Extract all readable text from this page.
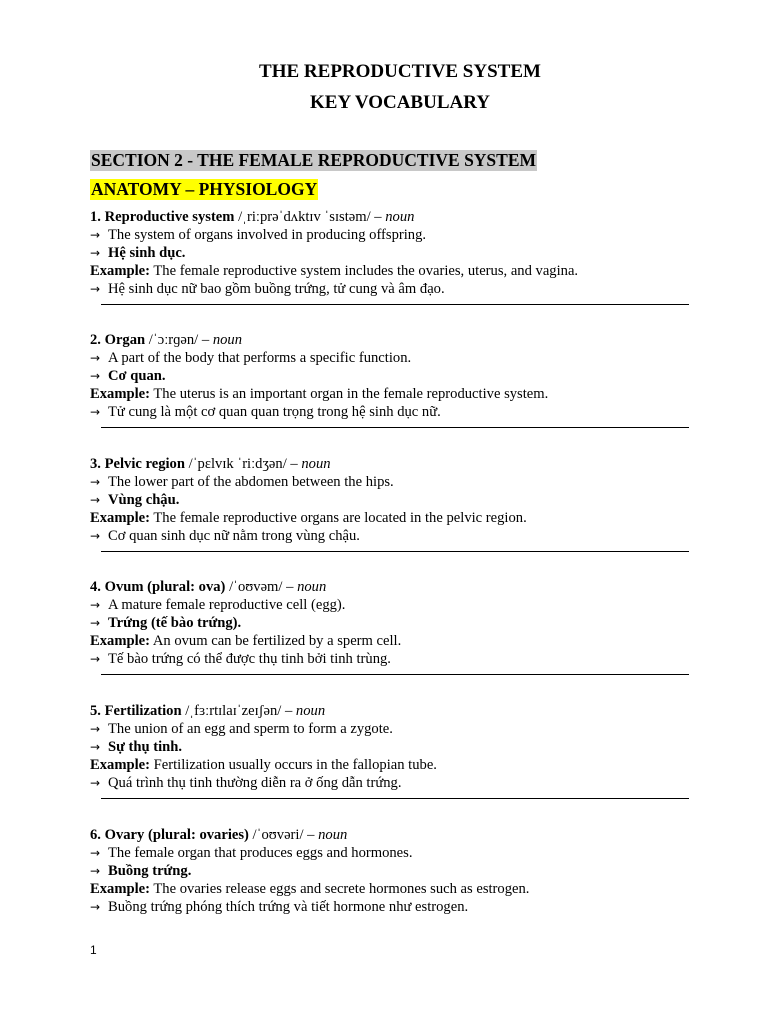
THE REPRODUCTIVE SYSTEM
KEY VOCABULARY
SECTION 2 - THE FEMALE REPRODUCTIVE SYSTEM
ANATOMY – PHYSIOLOGY
1. Reproductive system /ˌriːprəˈdʌktɪv ˈsɪstəm/ – noun
→ The system of organs involved in producing offspring.
→ Hệ sinh dục.
Example: The female reproductive system includes the ovaries, uterus, and vagina.
→ Hệ sinh dục nữ bao gồm buồng trứng, tử cung và âm đạo.
2. Organ /ˈɔːrɡən/ – noun
→ A part of the body that performs a specific function.
→ Cơ quan.
Example: The uterus is an important organ in the female reproductive system.
→ Tử cung là một cơ quan quan trọng trong hệ sinh dục nữ.
3. Pelvic region /ˈpɛlvɪk ˈriːdʒən/ – noun
→ The lower part of the abdomen between the hips.
→ Vùng chậu.
Example: The female reproductive organs are located in the pelvic region.
→ Cơ quan sinh dục nữ nằm trong vùng chậu.
4. Ovum (plural: ova) /ˈoʊvəm/ – noun
→ A mature female reproductive cell (egg).
→ Trứng (tế bào trứng).
Example: An ovum can be fertilized by a sperm cell.
→ Tế bào trứng có thể được thụ tinh bởi tinh trùng.
5. Fertilization /ˌfɜːrtɪlaɪˈzeɪʃən/ – noun
→ The union of an egg and sperm to form a zygote.
→ Sự thụ tinh.
Example: Fertilization usually occurs in the fallopian tube.
→ Quá trình thụ tinh thường diễn ra ở ống dẫn trứng.
6. Ovary (plural: ovaries) /ˈoʊvəri/ – noun
→ The female organ that produces eggs and hormones.
→ Buồng trứng.
Example: The ovaries release eggs and secrete hormones such as estrogen.
→ Buồng trứng phóng thích trứng và tiết hormone như estrogen.
1
